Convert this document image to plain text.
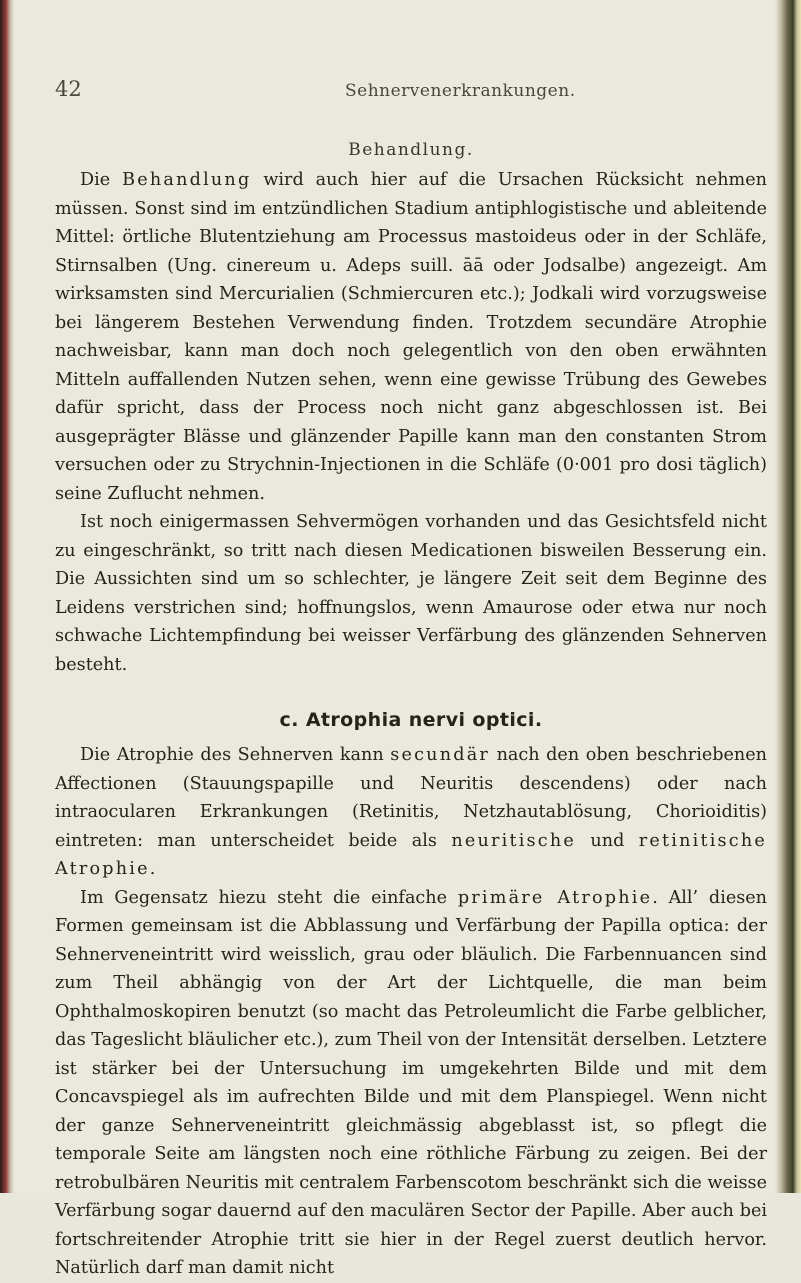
42	Sehnervenerkrankungen.
Behandlung.

Die Behandlung wird auch hier auf die Ursachen Rücksicht nehmen müssen. Sonst sind im entzündlichen Stadium antiphlogistische und ableitende Mittel: örtliche Blutentziehung am Processus mastoideus oder in der Schläfe, Stirnsalben (Ung. cinereum u. Adeps suill. āā oder Jodsalbe) angezeigt. Am wirksamsten sind Mercurialien (Schmiercuren etc.); Jodkali wird vorzugsweise bei längerem Bestehen Verwendung finden. Trotzdem secundäre Atrophie nachweisbar, kann man doch noch gelegentlich von den oben erwähnten Mitteln auffallenden Nutzen sehen, wenn eine gewisse Trübung des Gewebes dafür spricht, dass der Process noch nicht ganz abgeschlossen ist. Bei ausgeprägter Blässe und glänzender Papille kann man den constanten Strom versuchen oder zu Strychnin-Injectionen in die Schläfe (0·001 pro dosi täglich) seine Zuflucht nehmen.

Ist noch einigermassen Sehvermögen vorhanden und das Gesichtsfeld nicht zu eingeschränkt, so tritt nach diesen Medicationen bisweilen Besserung ein. Die Aussichten sind um so schlechter, je längere Zeit seit dem Beginne des Leidens verstrichen sind; hoffnungslos, wenn Amaurose oder etwa nur noch schwache Lichtempfindung bei weisser Verfärbung des glänzenden Sehnerven besteht.

c. Atrophia nervi optici.

Die Atrophie des Sehnerven kann secundär nach den oben beschriebenen Affectionen (Stauungspapille und Neuritis descendens) oder nach intraocularen Erkrankungen (Retinitis, Netzhautablösung, Chorioiditis) eintreten: man unterscheidet beide als neuritische und retinitische Atrophie.

Im Gegensatz hiezu steht die einfache primäre Atrophie. All’ diesen Formen gemeinsam ist die Abblassung und Verfärbung der Papilla optica: der Sehnerveneintritt wird weisslich, grau oder bläulich. Die Farbennuancen sind zum Theil abhängig von der Art der Lichtquelle, die man beim Ophthalmoskopiren benutzt (so macht das Petroleumlicht die Farbe gelblicher, das Tageslicht bläulicher etc.), zum Theil von der Intensität derselben. Letztere ist stärker bei der Untersuchung im umgekehrten Bilde und mit dem Concavspiegel als im aufrechten Bilde und mit dem Planspiegel. Wenn nicht der ganze Sehnerveneintritt gleichmässig abgeblasst ist, so pflegt die temporale Seite am längsten noch eine röthliche Färbung zu zeigen. Bei der retrobulbären Neuritis mit centralem Farbenscotom beschränkt sich die weisse Verfärbung sogar dauernd auf den maculären Sector der Papille. Aber auch bei fortschreitender Atrophie tritt sie hier in der Regel zuerst deutlich hervor. Natürlich darf man damit nicht
